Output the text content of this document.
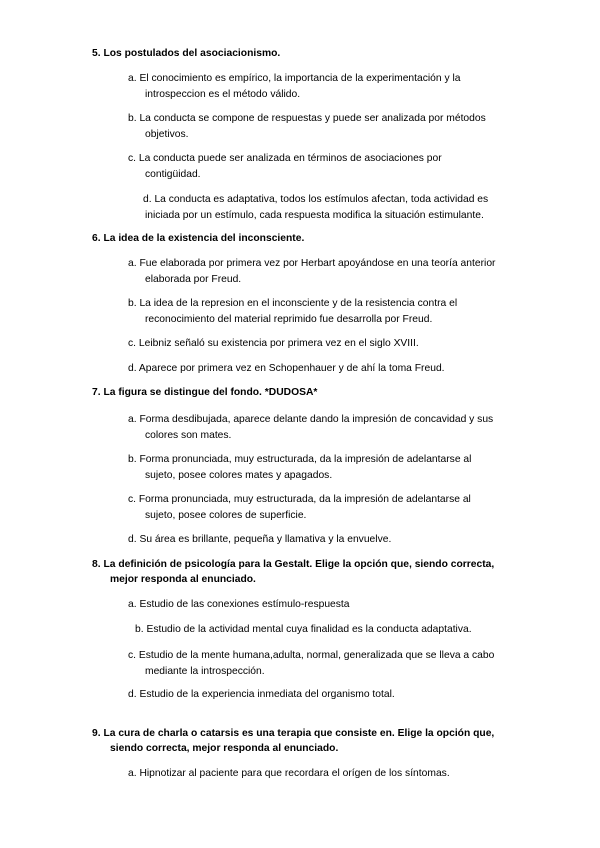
5. Los postulados del asociacionismo.
a. El conocimiento es empírico, la importancia de la experimentación y la
introspeccion es el método válido.
b. La conducta se compone de respuestas y puede ser analizada por métodos
objetivos.
c. La conducta puede ser analizada en términos de asociaciones por
contigüidad.
d. La conducta es adaptativa, todos los estímulos afectan, toda actividad es
iniciada por un estímulo, cada respuesta modifica la situación estimulante.
6. La idea de la existencia del inconsciente.
a. Fue elaborada por primera vez por Herbart apoyándose en una teoría anterior
elaborada por Freud.
b. La idea de la represion en el inconsciente y de la resistencia contra el
reconocimiento del material reprimido fue desarrolla por Freud.
c. Leibniz señaló su existencia por primera vez en el siglo XVIII.
d. Aparece por primera vez en Schopenhauer y de ahí la toma Freud.
7. La figura se distingue del fondo. *DUDOSA*
a. Forma desdibujada, aparece delante dando la impresión de concavidad y sus
colores son mates.
b. Forma pronunciada, muy estructurada, da la impresión de adelantarse al
sujeto, posee colores mates y apagados.
c. Forma pronunciada, muy estructurada, da la impresión de adelantarse al
sujeto, posee colores de superficie.
d. Su área es brillante, pequeña y llamativa y la envuelve.
8. La definición de psicología para la Gestalt. Elige la opción que, siendo correcta,
mejor responda al enunciado.
a. Estudio de las conexiones estímulo-respuesta
b. Estudio de la actividad mental cuya finalidad es la conducta adaptativa.
c. Estudio de la mente humana,adulta, normal, generalizada que se lleva a cabo
mediante la introspección.
d. Estudio de la experiencia inmediata del organismo total.
9. La cura de charla o catarsis es una terapia que consiste en. Elige la opción que,
siendo correcta, mejor responda al enunciado.
a. Hipnotizar al paciente para que recordara el orígen de los síntomas.
